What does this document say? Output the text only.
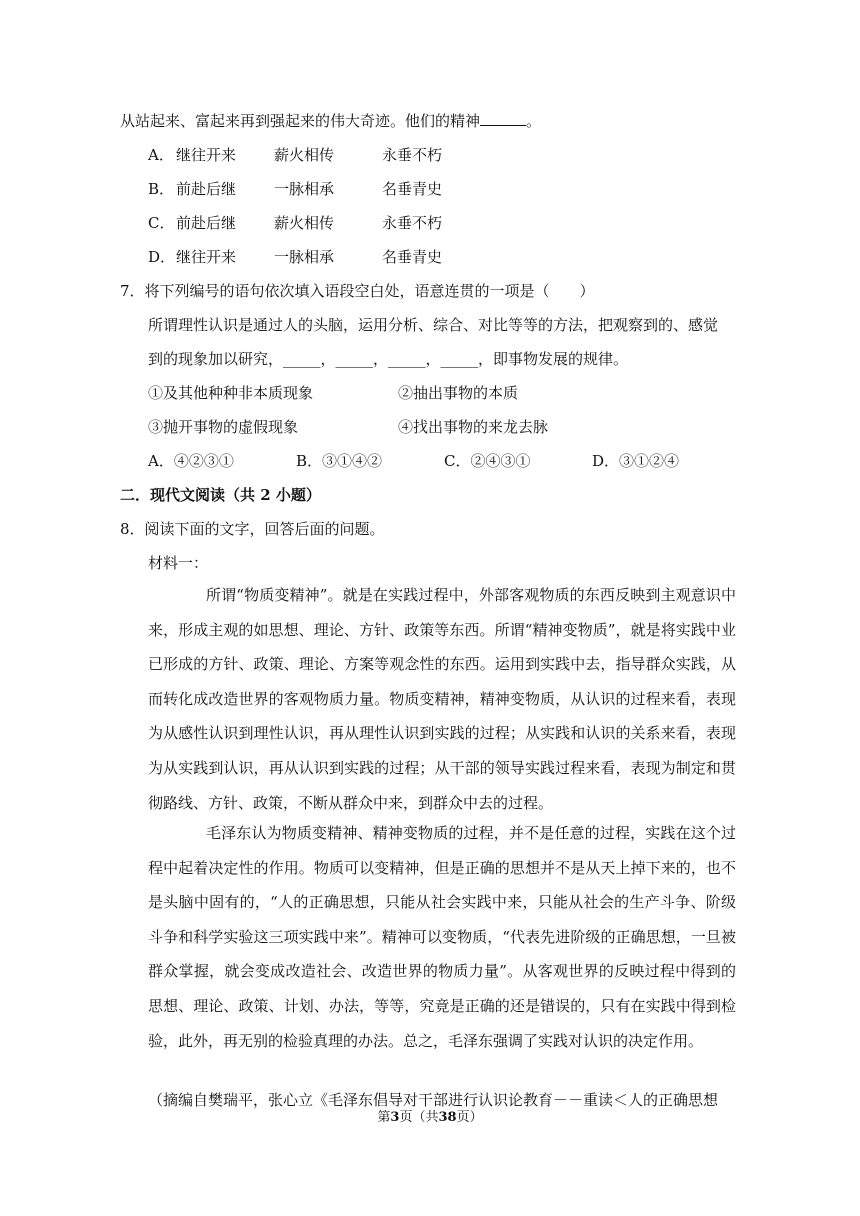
从站起来、富起来再到强起来的伟大奇迹。他们的精神	。
A． 继往开来	薪火相传	永垂不朽
B． 前赴后继	一脉相承	名垂青史
C． 前赴后继	薪火相传	永垂不朽
D．继往开来	一脉相承	名垂青史
7．将下列编号的语句依次填入语段空白处，语意连贯的一项是（　　）
所谓理性认识是通过人的头脑，运用分析、综合、对比等等的方法，把观察到的、感觉
到的现象加以研究，_____，_____，_____，_____，即事物发展的规律。
①及其他种种非本质现象	②抽出事物的本质
③抛开事物的虚假现象	④找出事物的来龙去脉
A．④②③①	B．③①④②	C．②④③①	D．③①②④
二．现代文阅读（共 2 小题）
8．阅读下面的文字，回答后面的问题。
材料一：
所谓“物质变精神”。就是在实践过程中，外部客观物质的东西反映到主观意识中来，形成主观的如思想、理论、方针、政策等东西。所谓“精神变物质”，就是将实践中业已形成的方针、政策、理论、方案等观念性的东西。运用到实践中去，指导群众实践，从而转化成改造世界的客观物质力量。物质变精神，精神变物质，从认识的过程来看，表现为从感性认识到理性认识，再从理性认识到实践的过程；从实践和认识的关系来看，表现为从实践到认识，再从认识到实践的过程；从干部的领导实践过程来看，表现为制定和贯彻路线、方针、政策，不断从群众中来，到群众中去的过程。
毛泽东认为物质变精神、精神变物质的过程，并不是任意的过程，实践在这个过程中起着决定性的作用。物质可以变精神，但是正确的思想并不是从天上掉下来的，也不是头脑中固有的，“人的正确思想，只能从社会实践中来，只能从社会的生产斗争、阶级斗争和科学实验这三项实践中来”。精神可以变物质，“代表先进阶级的正确思想，一旦被群众掌握，就会变成改造社会、改造世界的物质力量”。从客观世界的反映过程中得到的思想、理论、政策、计划、办法，等等，究竟是正确的还是错误的，只有在实践中得到检验，此外，再无别的检验真理的办法。总之，毛泽东强调了实践对认识的决定作用。
（摘编自樊瑞平，张心立《毛泽东倡导对干部进行认识论教育－－重读＜人的正确思想
第3页（共38页）
